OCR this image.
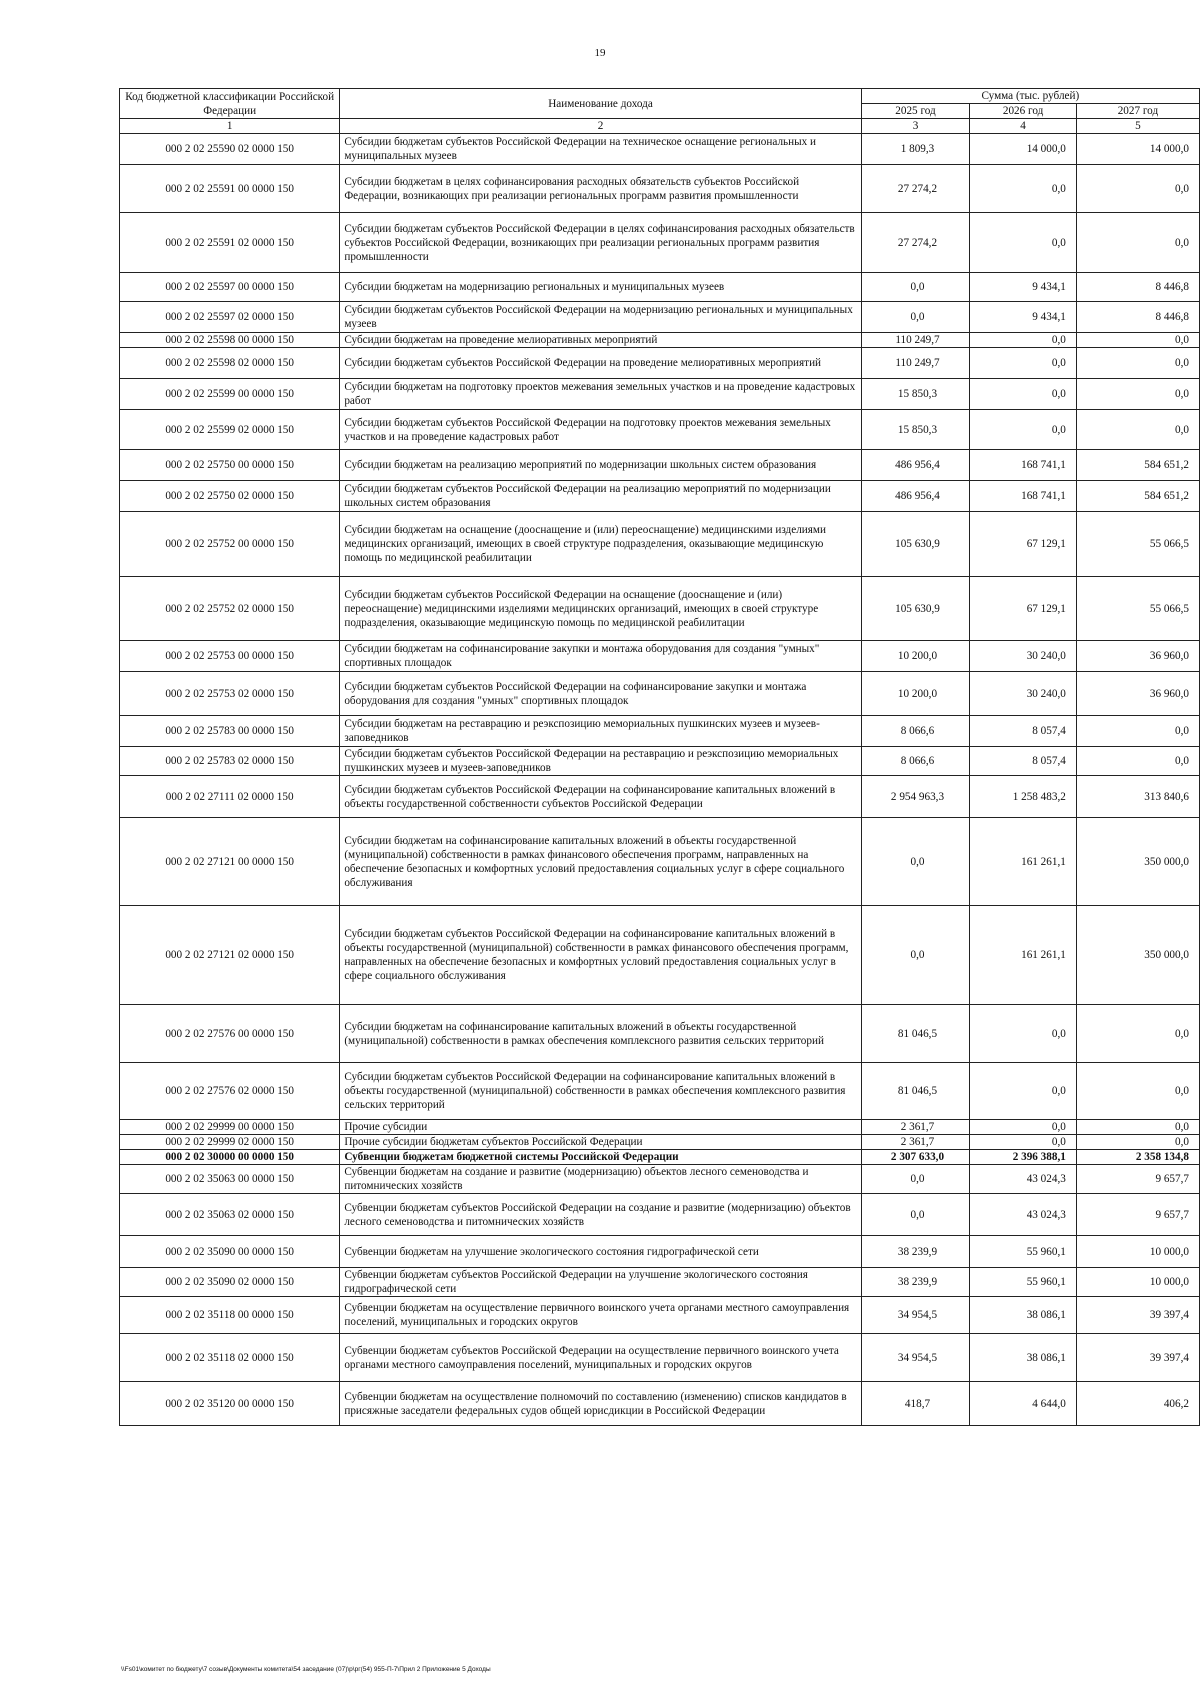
19
Код бюджетной классификации Российской Федерации	Наименование дохода	Сумма (тыс. рублей)		
		2025 год	2026 год	2027 год
1	2	3	4	5
000 2 02 25590 02 0000 150	Субсидии бюджетам субъектов Российской Федерации на техническое оснащение региональных и муниципальных музеев	1 809,3	14 000,0	14 000,0
000 2 02 25591 00 0000 150	Субсидии бюджетам в целях софинансирования расходных обязательств субъектов Российской Федерации, возникающих при реализации региональных программ развития промышленности	27 274,2	0,0	0,0
000 2 02 25591 02 0000 150	Субсидии бюджетам субъектов Российской Федерации в целях софинансирования расходных обязательств субъектов Российской Федерации, возникающих при реализации региональных программ развития промышленности	27 274,2	0,0	0,0
000 2 02 25597 00 0000 150	Субсидии бюджетам на модернизацию региональных и муниципальных музеев	0,0	9 434,1	8 446,8
000 2 02 25597 02 0000 150	Субсидии бюджетам субъектов Российской Федерации на модернизацию региональных и муниципальных музеев	0,0	9 434,1	8 446,8
000 2 02 25598 00 0000 150	Субсидии бюджетам на проведение мелиоративных мероприятий	110 249,7	0,0	0,0
000 2 02 25598 02 0000 150	Субсидии бюджетам субъектов Российской Федерации на проведение мелиоративных мероприятий	110 249,7	0,0	0,0
000 2 02 25599 00 0000 150	Субсидии бюджетам на подготовку проектов межевания земельных участков и на проведение кадастровых работ	15 850,3	0,0	0,0
000 2 02 25599 02 0000 150	Субсидии бюджетам субъектов Российской Федерации на подготовку проектов межевания земельных участков и на проведение кадастровых работ	15 850,3	0,0	0,0
000 2 02 25750 00 0000 150	Субсидии бюджетам на реализацию мероприятий по модернизации школьных систем образования	486 956,4	168 741,1	584 651,2
000 2 02 25750 02 0000 150	Субсидии бюджетам субъектов Российской Федерации на реализацию мероприятий по модернизации школьных систем образования	486 956,4	168 741,1	584 651,2
000 2 02 25752 00 0000 150	Субсидии бюджетам на оснащение (дооснащение и (или) переоснащение) медицинскими изделиями медицинских организаций, имеющих в своей структуре подразделения, оказывающие медицинскую помощь по медицинской реабилитации	105 630,9	67 129,1	55 066,5
000 2 02 25752 02 0000 150	Субсидии бюджетам субъектов Российской Федерации на оснащение (дооснащение и (или) переоснащение) медицинскими изделиями медицинских организаций, имеющих в своей структуре подразделения, оказывающие медицинскую помощь по медицинской реабилитации	105 630,9	67 129,1	55 066,5
000 2 02 25753 00 0000 150	Субсидии бюджетам на софинансирование закупки и монтажа оборудования для создания "умных" спортивных площадок	10 200,0	30 240,0	36 960,0
000 2 02 25753 02 0000 150	Субсидии бюджетам субъектов Российской Федерации на софинансирование закупки и монтажа оборудования для создания "умных" спортивных площадок	10 200,0	30 240,0	36 960,0
000 2 02 25783 00 0000 150	Субсидии бюджетам на реставрацию и реэкспозицию мемориальных пушкинских музеев и музеев-заповедников	8 066,6	8 057,4	0,0
000 2 02 25783 02 0000 150	Субсидии бюджетам субъектов Российской Федерации на реставрацию и реэкспозицию мемориальных пушкинских музеев и музеев-заповедников	8 066,6	8 057,4	0,0
000 2 02 27111 02 0000 150	Субсидии бюджетам субъектов Российской Федерации на софинансирование капитальных вложений в объекты государственной собственности субъектов Российской Федерации	2 954 963,3	1 258 483,2	313 840,6
000 2 02 27121 00 0000 150	Субсидии бюджетам на софинансирование капитальных вложений в объекты государственной (муниципальной) собственности в рамках финансового обеспечения программ, направленных на обеспечение безопасных и комфортных условий предоставления социальных услуг в сфере социального обслуживания	0,0	161 261,1	350 000,0
000 2 02 27121 02 0000 150	Субсидии бюджетам субъектов Российской Федерации на софинансирование капитальных вложений в объекты государственной (муниципальной) собственности в рамках финансового обеспечения программ, направленных на обеспечение безопасных и комфортных условий предоставления социальных услуг в сфере социального обслуживания	0,0	161 261,1	350 000,0
000 2 02 27576 00 0000 150	Субсидии бюджетам на софинансирование капитальных вложений в объекты государственной (муниципальной) собственности в рамках обеспечения комплексного развития сельских территорий	81 046,5	0,0	0,0
000 2 02 27576 02 0000 150	Субсидии бюджетам субъектов Российской Федерации на софинансирование капитальных вложений в объекты государственной (муниципальной) собственности в рамках обеспечения комплексного развития сельских территорий	81 046,5	0,0	0,0
000 2 02 29999 00 0000 150	Прочие субсидии	2 361,7	0,0	0,0
000 2 02 29999 02 0000 150	Прочие субсидии бюджетам субъектов Российской Федерации	2 361,7	0,0	0,0
000 2 02 30000 00 0000 150	Субвенции бюджетам бюджетной системы Российской Федерации	2 307 633,0	2 396 388,1	2 358 134,8
000 2 02 35063 00 0000 150	Субвенции бюджетам на создание и развитие (модернизацию) объектов лесного семеноводства и питомнических хозяйств	0,0	43 024,3	9 657,7
000 2 02 35063 02 0000 150	Субвенции бюджетам субъектов Российской Федерации на создание и развитие (модернизацию) объектов лесного семеноводства и питомнических хозяйств	0,0	43 024,3	9 657,7
000 2 02 35090 00 0000 150	Субвенции бюджетам на улучшение экологического состояния гидрографической сети	38 239,9	55 960,1	10 000,0
000 2 02 35090 02 0000 150	Субвенции бюджетам субъектов Российской Федерации на улучшение экологического состояния гидрографической сети	38 239,9	55 960,1	10 000,0
000 2 02 35118 00 0000 150	Субвенции бюджетам на осуществление первичного воинского учета органами местного самоуправления поселений, муниципальных и городских округов	34 954,5	38 086,1	39 397,4
000 2 02 35118 02 0000 150	Субвенции бюджетам субъектов Российской Федерации на осуществление первичного воинского учета органами местного самоуправления поселений, муниципальных и городских округов	34 954,5	38 086,1	39 397,4
000 2 02 35120 00 0000 150	Субвенции бюджетам на осуществление полномочий по составлению (изменению) списков кандидатов в присяжные заседатели федеральных судов общей юрисдикции в Российской Федерации	418,7	4 644,0	406,2
\\Fs01\комитет по бюджету\7 созыв\Документы комитета\54 заседание (07)\р\рг(54) 955-П-7\Прил 2 Приложение 5 Доходы
